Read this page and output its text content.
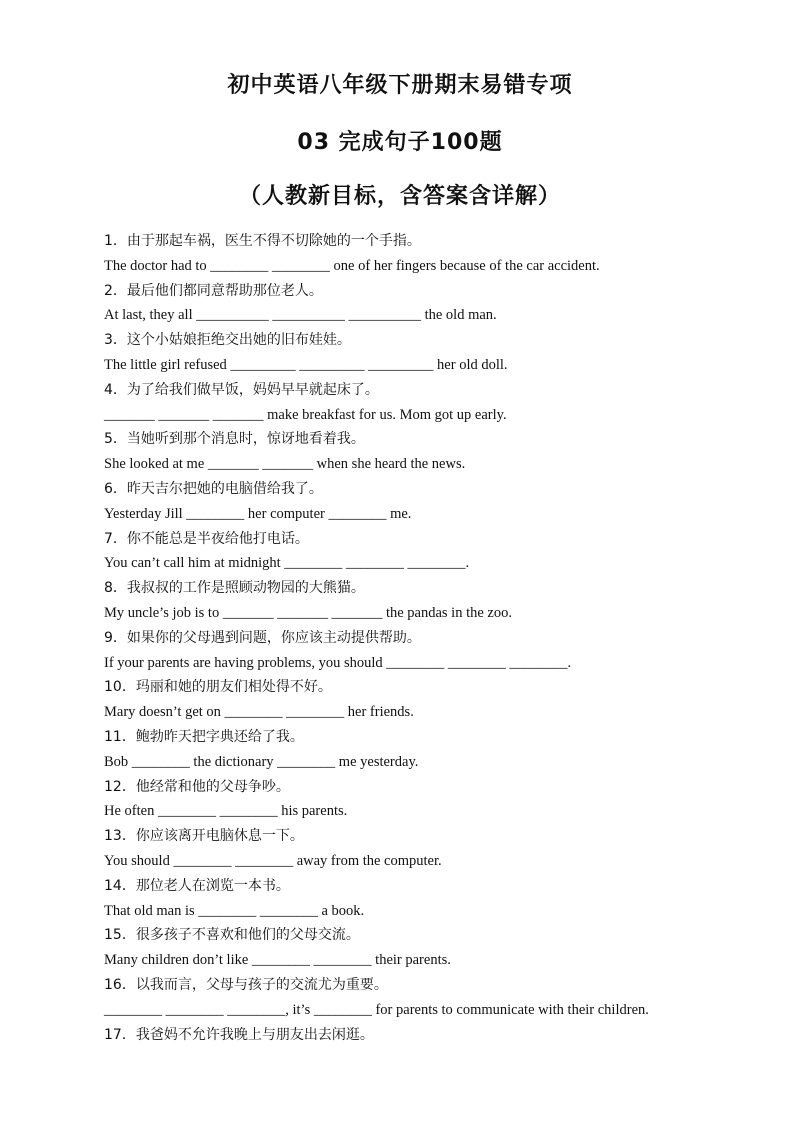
初中英语八年级下册期末易错专项
03 完成句子100题
（人教新目标，含答案含详解）
1．由于那起车祸，医生不得不切除她的一个手指。
The doctor had to ________ ________ one of her fingers because of the car accident.
2．最后他们都同意帮助那位老人。
At last, they all __________ __________ __________ the old man.
3．这个小姑娘拒绝交出她的旧布娃娃。
The little girl refused _________ _________ _________ her old doll.
4．为了给我们做早饭，妈妈早早就起床了。
_______ _______ _______ make breakfast for us. Mom got up early.
5．当她听到那个消息时，惊讶地看着我。
She looked at me _______ _______ when she heard the news.
6．昨天吉尔把她的电脑借给我了。
Yesterday Jill ________ her computer ________ me.
7．你不能总是半夜给他打电话。
You can’t call him at midnight ________ ________ ________.
8．我叔叔的工作是照顾动物园的大熊猫。
My uncle’s job is to _______ _______ _______ the pandas in the zoo.
9．如果你的父母遇到问题，你应该主动提供帮助。
If your parents are having problems, you should ________ ________ ________.
10．玛丽和她的朋友们相处得不好。
Mary doesn’t get on ________ ________ her friends.
11．鲍勃昨天把字典还给了我。
Bob ________ the dictionary ________ me yesterday.
12．他经常和他的父母争吵。
He often ________ ________ his parents.
13．你应该离开电脑休息一下。
You should ________ ________ away from the computer.
14．那位老人在浏览一本书。
That old man is ________ ________ a book.
15．很多孩子不喜欢和他们的父母交流。
Many children don’t like ________ ________ their parents.
16．以我而言，父母与孩子的交流尤为重要。
________ ________ ________, it’s ________ for parents to communicate with their children.
17．我爸妈不允许我晚上与朋友出去闲逛。
